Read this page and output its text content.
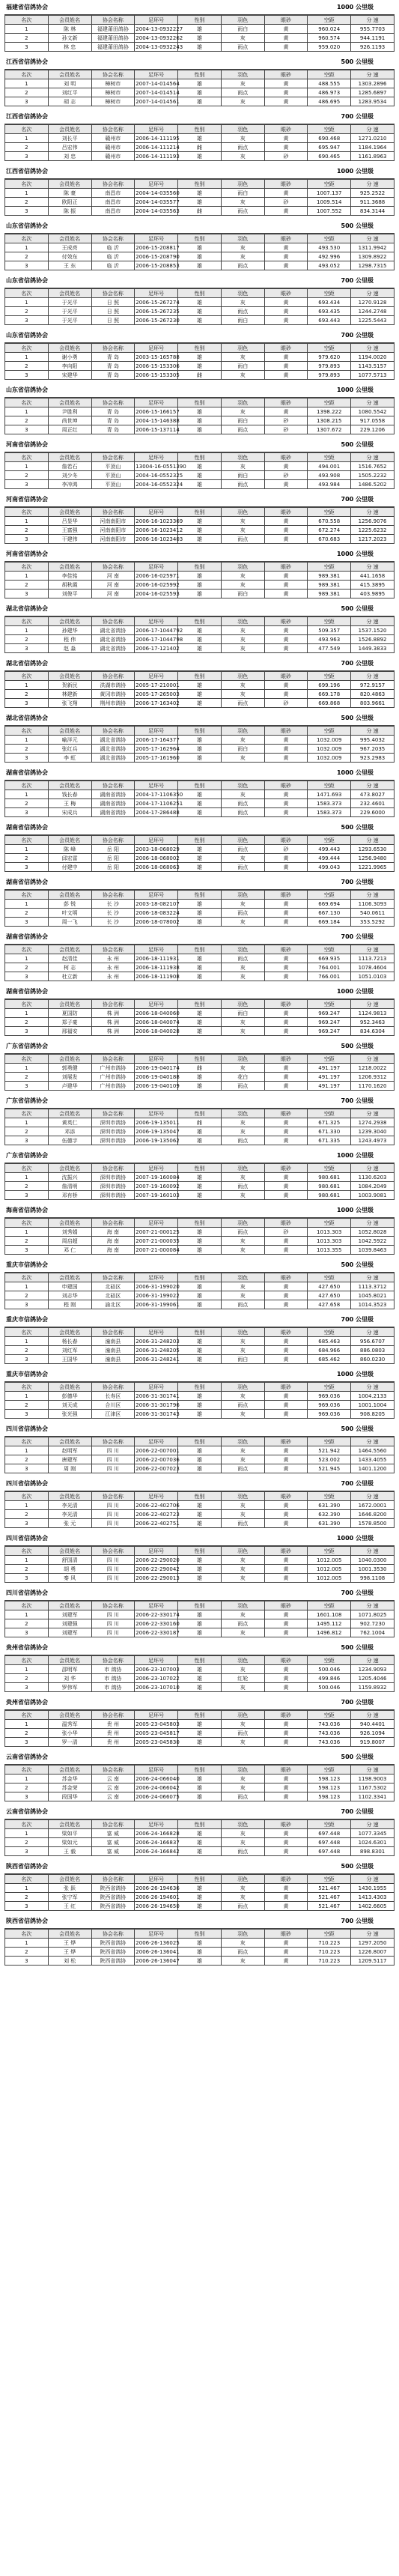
福建省信鸽协会	1000 公里级
名次	会员姓名	协会名称	足环号	性别	羽色	眼砂	空距	分 速
1	陈 林	福建莆田鸽协	2004-13-0932227	雄	雨白	黄	960.024	955.7703
2	孙文新	福建莆田鸽协	2004-13-0932262	雄	灰	黄	960.574	944.1191
3	林 忠	福建莆田鸽协	2004-13-0932243	雄	雨点	黄	959.020	926.1193
江西省信鸽协会	500 公里级
名次	会员姓名	协会名称	足环号	性别	羽色	眼砂	空距	分 速
1	刘 明	樟树市	2007-14-014564	雄	灰	黄	488.555	1303.2896
2	刘红平	樟树市	2007-14-014514	雄	雨点	黄	486.973	1285.6897
3	胡 志	樟树市	2007-14-014561	雄	灰	黄	486.695	1283.9534
江西省信鸽协会	700 公里级
名次	会员姓名	协会名称	足环号	性别	羽色	眼砂	空距	分 速
1	刘长平	赣州市	2006-14-111195	雄	灰	黄	690.468	1271.0210
2	吕宏伟	赣州市	2006-14-111214	雌	雨点	黄	695.947	1184.1964
3	刘 忠	赣州市	2006-14-111193	雄	灰	砂	690.465	1161.8963
江西省信鸽协会	1000 公里级
名次	会员姓名	协会名称	足环号	性别	羽色	眼砂	空距	分 速
1	陈 豪	南昌市	2004-14-035560	雄	雨白	黄	1007.137	925.2522
2	欧阳正	南昌市	2004-14-035577	雄	灰	砂	1009.514	911.3688
3	陈 振	南昌市	2004-14-035563	雌	雨点	黄	1007.552	834.3144
山东省信鸽协会	500 公里级
名次	会员姓名	协会名称	足环号	性别	羽色	眼砂	空距	分 速
1	王成亮	临 沂	2006-15-208817	雄	灰	黄	493.530	1311.9942
2	付效东	临 沂	2006-15-208790	雄	灰	黄	492.996	1309.8922
3	王 东	临 沂	2006-15-208853	雄	雨点	黄	493.052	1298.7315
山东省信鸽协会	700 公里级
名次	会员姓名	协会名称	足环号	性别	羽色	眼砂	空距	分 速
1	于光平	日 照	2006-15-267274	雄	灰	黄	693.434	1270.9128
2	于光平	日 照	2006-15-267235	雄	雨点	黄	693.435	1244.2748
3	于光平	日 照	2006-15-267230	雄	雨白	黄	693.443	1225.5443
山东省信鸽协会	700 公里级
名次	会员姓名	协会名称	足环号	性别	羽色	眼砂	空距	分 速
1	谢小勇	青 岛	2003-15-165788	雄	灰	黄	979.620	1194.0020
2	李向阳	青 岛	2006-15-153306	雄	雨白	黄	979.893	1143.5157
3	宋建华	青 岛	2006-15-153305	雌	灰	黄	979.893	1077.5713
山东省信鸽协会	1000 公里级
名次	会员姓名	协会名称	足环号	性别	羽色	眼砂	空距	分 速
1	尹胜利	青 岛	2006-15-166157	雄	灰	黄	1398.222	1080.5542
2	尚世坤	青 岛	2004-15-146388	雄	雨白	砂	1308.215	917.0558
3	周正红	青 岛	2006-15-137114	雄	雨点	砂	1307.672	229.1206
河南省信鸽协会	500 公里级
名次	会员姓名	协会名称	足环号	性别	羽色	眼砂	空距	分 速
1	詹若石	平顶山	13004-16-0551390	雄	灰	黄	494.001	1516.7652
2	刘少冬	平顶山	2004-16-0552325	雄	雨白	砂	493.908	1505.2232
3	李冲鸿	平顶山	2004-16-0552324	雄	雨点	黄	493.984	1486.5202
河南省信鸽协会	700 公里级
名次	会员姓名	协会名称	足环号	性别	羽色	眼砂	空距	分 速
1	吕显华	河南南阳市	2006-16-1023369	雄	灰	黄	670.558	1256.9076
2	王富强	河南南阳市	2006-16-1023412	雄	灰	黄	672.274	1225.6232
3	干建伟	河南南阳市	2006-16-1023403	雄	雨点	黄	670.683	1217.2023
河南省信鸽协会	1000 公里级
名次	会员姓名	协会名称	足环号	性别	羽色	眼砂	空距	分 速
1	李佳铭	河 南	2006-16-025971	雄	灰	黄	989.381	441.1658
2	胡秋霞	河 南	2006-16-025992	雄	灰	黄	989.381	415.3895
3	刘俊平	河 南	2004-16-025593	雄	雨白	黄	989.381	403.9895
湖北省信鸽协会	500 公里级
名次	会员姓名	协会名称	足环号	性别	羽色	眼砂	空距	分 速
1	孙建华	湖北省鸽协	2006-17-1044792	雄	灰	黄	509.357	1537.1520
2	程 伟	湖北省鸽协	2006-17-1044798	雄	灰	黄	493.963	1526.8892
3	赵 淼	湖北省鸽协	2006-17-121402	雄	灰	黄	477.549	1449.3833
湖北省信鸽协会	700 公里级
名次	会员姓名	协会名称	足环号	性别	羽色	眼砂	空距	分 速
1	贺新民	洪湖市鸽协	2005-17-210001	雄	灰	黄	699.196	972.9157
2	林建新	黄冈市鸽协	2005-17-265003	雄	灰	黄	669.178	820.4863
3	张飞翔	荆州市鸽协	2006-17-163402	雄	雨点	砂	669.868	803.9661
湖北省信鸽协会	500 公里级
名次	会员姓名	协会名称	足环号	性别	羽色	眼砂	空距	分 速
1	喻洋元	湖北省鸽协	2006-17-164377	雄	灰	黄	1032.009	995.4032
2	张红兵	湖北省鸽协	2005-17-162964	雄	雨白	黄	1032.009	967.2035
3	李 虹	湖北省鸽协	2005-17-161960	雄	灰	黄	1032.009	923.2983
湖南省信鸽协会	1000 公里级
名次	会员姓名	协会名称	足环号	性别	羽色	眼砂	空距	分 速
1	钱长春	湖南省鸽协	2004-17-1106350	雄	灰	黄	1471.693	473.8027
2	王 梅	湖南省鸽协	2004-17-1106251	雄	雨点	黄	1583.373	232.4601
3	宋成兵	湖南省鸽协	2004-17-286488	雄	雨点	黄	1583.373	229.6000
湖南省信鸽协会	500 公里级
名次	会员姓名	协会名称	足环号	性别	羽色	眼砂	空距	分 速
1	陈 峰	岳 阳	2003-18-068029	雄	雨点	砂	499.443	1293.6530
2	邱宏雷	岳 阳	2006-18-068002	雄	灰	黄	499.444	1256.9480
3	付建中	岳 阳	2006-18-068063	雄	雨点	黄	499.043	1221.9965
湖南省信鸽协会	700 公里级
名次	会员姓名	协会名称	足环号	性别	羽色	眼砂	空距	分 速
1	彭 锐	长 沙	2003-18-082107	雄	灰	黄	669.694	1106.3093
2	叶文明	长 沙	2006-18-083224	雄	雨点	黄	667.130	540.0611
3	周一飞	长 沙	2006-18-078002	雄	灰	黄	669.184	353.5292
湖南省信鸽协会	700 公里级
名次	会员姓名	协会名称	足环号	性别	羽色	眼砂	空距	分 速
1	赵清佳	永 州	2006-18-111931	雄	雨点	黄	669.935	1113.7213
2	柯 志	永 州	2006-18-111938	雄	灰	黄	764.001	1078.4604
3	杜立新	永 州	2006-18-111908	雄	灰	黄	766.001	1051.0103
湖南省信鸽协会	1000 公里级
名次	会员姓名	协会名称	足环号	性别	羽色	眼砂	空距	分 速
1	夏国防	株 洲	2006-18-040060	雄	雨白	黄	969.247	1124.9813
2	郑子豪	株 洲	2006-18-040074	雄	灰	黄	969.247	952.3463
3	邢福安	株 洲	2006-18-040028	雄	灰	黄	969.247	834.6304
广东省信鸽协会	500 公里级
名次	会员姓名	协会名称	足环号	性别	羽色	眼砂	空距	分 速
1	郭勇健	广州市鸽协	2006-19-040174	雌	灰	黄	491.197	1218.0022
2	刘展发	广州市鸽协	2006-19-040188	雄	花白	黄	491.197	1206.9312
3	卢建华	广州市鸽协	2006-19-040109	雄	雨点	黄	491.197	1170.1620
广东省信鸽协会	700 公里级
名次	会员姓名	协会名称	足环号	性别	羽色	眼砂	空距	分 速
1	黄英仁	深圳市鸽协	2006-19-135011	雌	灰	黄	671.325	1274.2938
2	邓添	深圳市鸽协	2006-19-135047	雄	灰	黄	671.330	1239.3040
3	伍德宇	深圳市鸽协	2006-19-135062	雄	雨点	黄	671.335	1243.4973
广东省信鸽协会	1000 公里级
名次	会员姓名	协会名称	足环号	性别	羽色	眼砂	空距	分 速
1	沈振兴	深圳市鸽协	2007-19-160084	雄	灰	黄	980.681	1130.6203
2	詹清明	深圳市鸽协	2007-19-160092	雄	雨点	黄	980.681	1084.2049
3	邓有桥	深圳市鸽协	2007-19-160103	雄	灰	黄	980.681	1003.9081
海南省信鸽协会	1000 公里级
名次	会员姓名	协会名称	足环号	性别	羽色	眼砂	空距	分 速
1	刘秀娟	海 南	2007-21-000125	雄	雨点	砂	1013.303	1052.8028
2	周启超	海 南	2007-21-000035	雄	灰	黄	1013.303	1042.5922
3	邓 仁	海 南	2007-21-000084	雄	灰	黄	1013.355	1039.8463
重庆市信鸽协会	500 公里级
名次	会员姓名	协会名称	足环号	性别	羽色	眼砂	空距	分 速
1	申建国	北碚区	2006-31-199020	雄	灰	黄	427.650	1113.3712
2	刘志华	北碚区	2006-31-199022	雄	灰	黄	427.650	1045.8021
3	程 刚	渝北区	2006-31-199061	雄	雨点	黄	427.658	1014.3523
重庆市信鸽协会	700 公里级
名次	会员姓名	协会名称	足环号	性别	羽色	眼砂	空距	分 速
1	杨长春	潼南县	2006-31-248203	雄	灰	黄	685.463	956.6707
2	刘红军	潼南县	2006-31-248205	雄	灰	黄	684.966	886.0803
3	王国华	潼南县	2006-31-248241	雄	雨白	黄	685.462	860.0230
重庆市信鸽协会	1000 公里级
名次	会员姓名	协会名称	足环号	性别	羽色	眼砂	空距	分 速
1	彭德华	长寿区	2006-31-301741	雄	灰	黄	969.036	1004.2133
2	刘天成	合川区	2006-31-301796	雄	雨点	黄	969.036	1001.1004
3	张光强	江津区	2006-31-301743	雄	灰	黄	969.036	908.8205
四川省信鸽协会	500 公里级
名次	会员姓名	协会名称	足环号	性别	羽色	眼砂	空距	分 速
1	赵明军	四 川	2006-22-007001	雄	灰	黄	521.942	1464.5560
2	唐建军	四 川	2006-22-007036	雄	灰	黄	523.002	1433.4055
3	周 刚	四 川	2006-22-007023	雄	雨点	黄	521.945	1401.1200
四川省信鸽协会	700 公里级
名次	会员姓名	协会名称	足环号	性别	羽色	眼砂	空距	分 速
1	李光清	四 川	2006-22-402706	雄	灰	黄	631.390	1672.0001
2	李光清	四 川	2006-22-402723	雄	灰	黄	632.390	1646.8200
3	张 元	四 川	2006-22-402751	雄	雨点	黄	631.390	1578.8500
四川省信鸽协会	1000 公里级
名次	会员姓名	协会名称	足环号	性别	羽色	眼砂	空距	分 速
1	舒国清	四 川	2006-22-290020	雄	灰	黄	1012.005	1040.0300
2	胡 勇	四 川	2006-22-290042	雄	灰	黄	1012.005	1001.3530
3	秦 风	四 川	2006-22-290013	雄	灰	黄	1012.005	998.1108
四川省信鸽协会	700 公里级
名次	会员姓名	协会名称	足环号	性别	羽色	眼砂	空距	分 速
1	刘建军	四 川	2006-22-330174	雄	灰	黄	1601.108	1071.8025
2	刘建强	四 川	2006-22-330160	雄	雨点	黄	1495.112	902.7230
3	刘建军	四 川	2006-22-330187	雄	灰	黄	1496.812	762.1004
贵州省信鸽协会	500 公里级
名次	会员姓名	协会名称	足环号	性别	羽色	眼砂	空距	分 速
1	邵明军	市 鸽协	2006-23-107003	雄	灰	黄	500.046	1234.9093
2	刘 华	市 鸽协	2006-23-107022	雄	红轮	黄	499.846	1205.4046
3	罗伟军	市 鸽协	2006-23-107010	雄	灰	黄	500.046	1159.8932
贵州省信鸽协会	700 公里级
名次	会员姓名	协会名称	足环号	性别	羽色	眼砂	空距	分 速
1	温秀军	贵 州	2005-23-045803	雄	灰	黄	743.036	940.4401
2	张小华	贵 州	2005-23-045817	雄	雨点	黄	743.036	926.1094
3	罗一清	贵 州	2005-23-045830	雄	灰	黄	743.036	919.8007
云南省信鸽协会	500 公里级
名次	会员姓名	协会名称	足环号	性别	羽色	眼砂	空距	分 速
1	苏金华	云 南	2006-24-066040	雄	灰	黄	598.123	1198.9003
2	苏金荣	云 南	2006-24-066042	雄	灰	黄	598.123	1167.5302
3	段国华	云 南	2006-24-066075	雄	雨点	黄	598.123	1102.3341
云南省信鸽协会	700 公里级
名次	会员姓名	协会名称	足环号	性别	羽色	眼砂	空距	分 速
1	梁如平	富 威	2006-24-166828	雄	灰	黄	697.448	1077.3345
2	梁如元	富 威	2006-24-166837	雄	灰	黄	697.448	1024.6301
3	王 毅	富 威	2006-24-166842	雄	雨点	黄	697.448	898.8301
陕西省信鸽协会	500 公里级
名次	会员姓名	协会名称	足环号	性别	羽色	眼砂	空距	分 速
1	张 跃	陕西省鸽协	2006-26-194636	雄	灰	黄	521.467	1430.1955
2	张宁军	陕西省鸽协	2006-26-194601	雄	灰	黄	521.467	1413.4303
3	王 红	陕西省鸽协	2006-26-194650	雄	雨点	黄	521.467	1402.6605
陕西省信鸽协会	700 公里级
名次	会员姓名	协会名称	足环号	性别	羽色	眼砂	空距	分 速
1	王 烨	陕西省鸽协	2006-26-136025	雄	灰	黄	710.223	1297.2050
2	王 烨	陕西省鸽协	2006-26-136041	雄	雨点	黄	710.223	1226.8007
3	刘 松	陕西省鸽协	2006-26-136047	雄	灰	黄	710.223	1209.5117
